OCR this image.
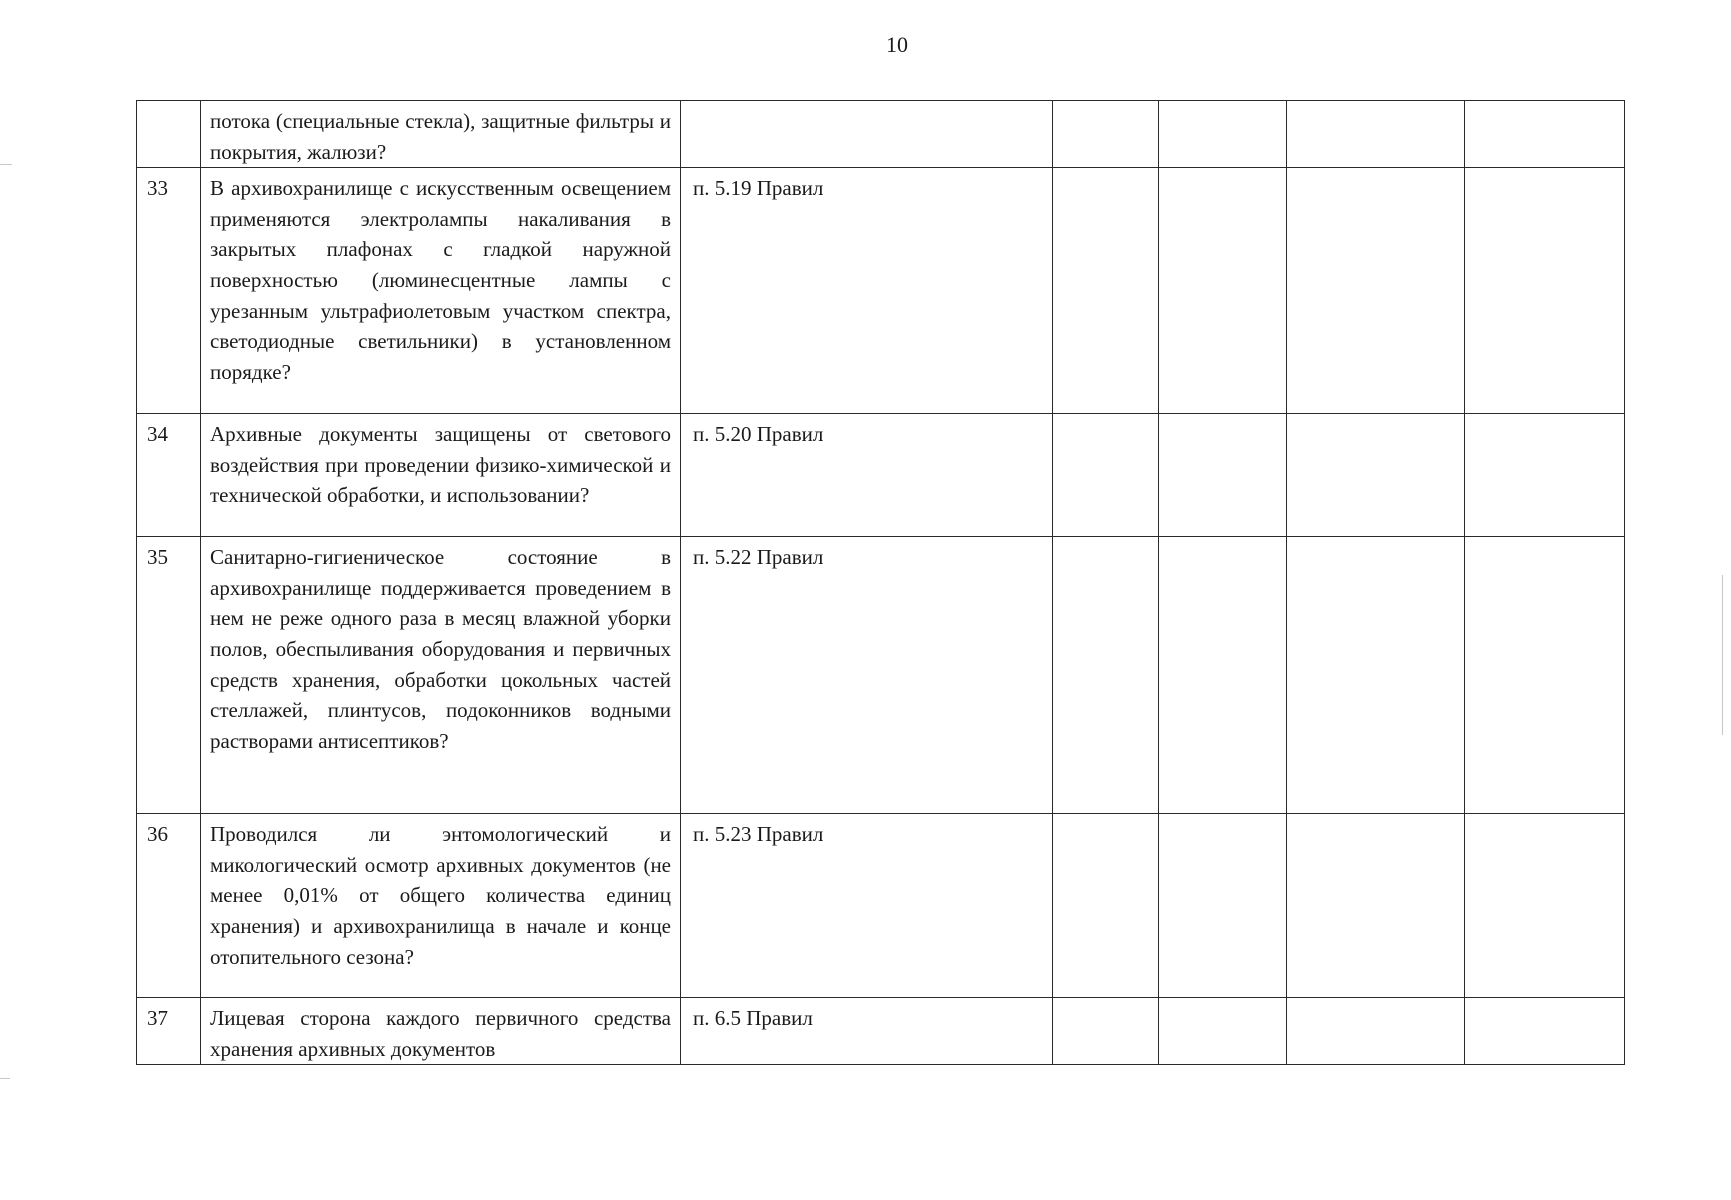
10
	потока (специальные стекла), защитные фильтры и покрытия, жалюзи?					
33	В архивохранилище с искусственным освещением применяются электролампы накаливания в закрытых плафонах с гладкой наружной поверхностью (люминесцентные лампы с урезанным ультрафиолетовым участком спектра, светодиодные светильники) в установленном порядке?	п. 5.19 Правил				
34	Архивные документы защищены от светового воздействия при проведении физико-химической и технической обработки, и использовании?	п. 5.20 Правил				
35	Санитарно-гигиеническое состояние в архивохранилище поддерживается проведением в нем не реже одного раза в месяц влажной уборки полов, обеспыливания оборудования и первичных средств хранения, обработки цокольных частей стеллажей, плинтусов, подоконников водными растворами антисептиков?	п. 5.22 Правил				
36	Проводился ли энтомологический и микологический осмотр архивных документов (не менее 0,01% от общего количества единиц хранения) и архивохранилища в начале и конце отопительного сезона?	п. 5.23 Правил				
37	Лицевая сторона каждого первичного средства хранения архивных документов	п. 6.5 Правил				
